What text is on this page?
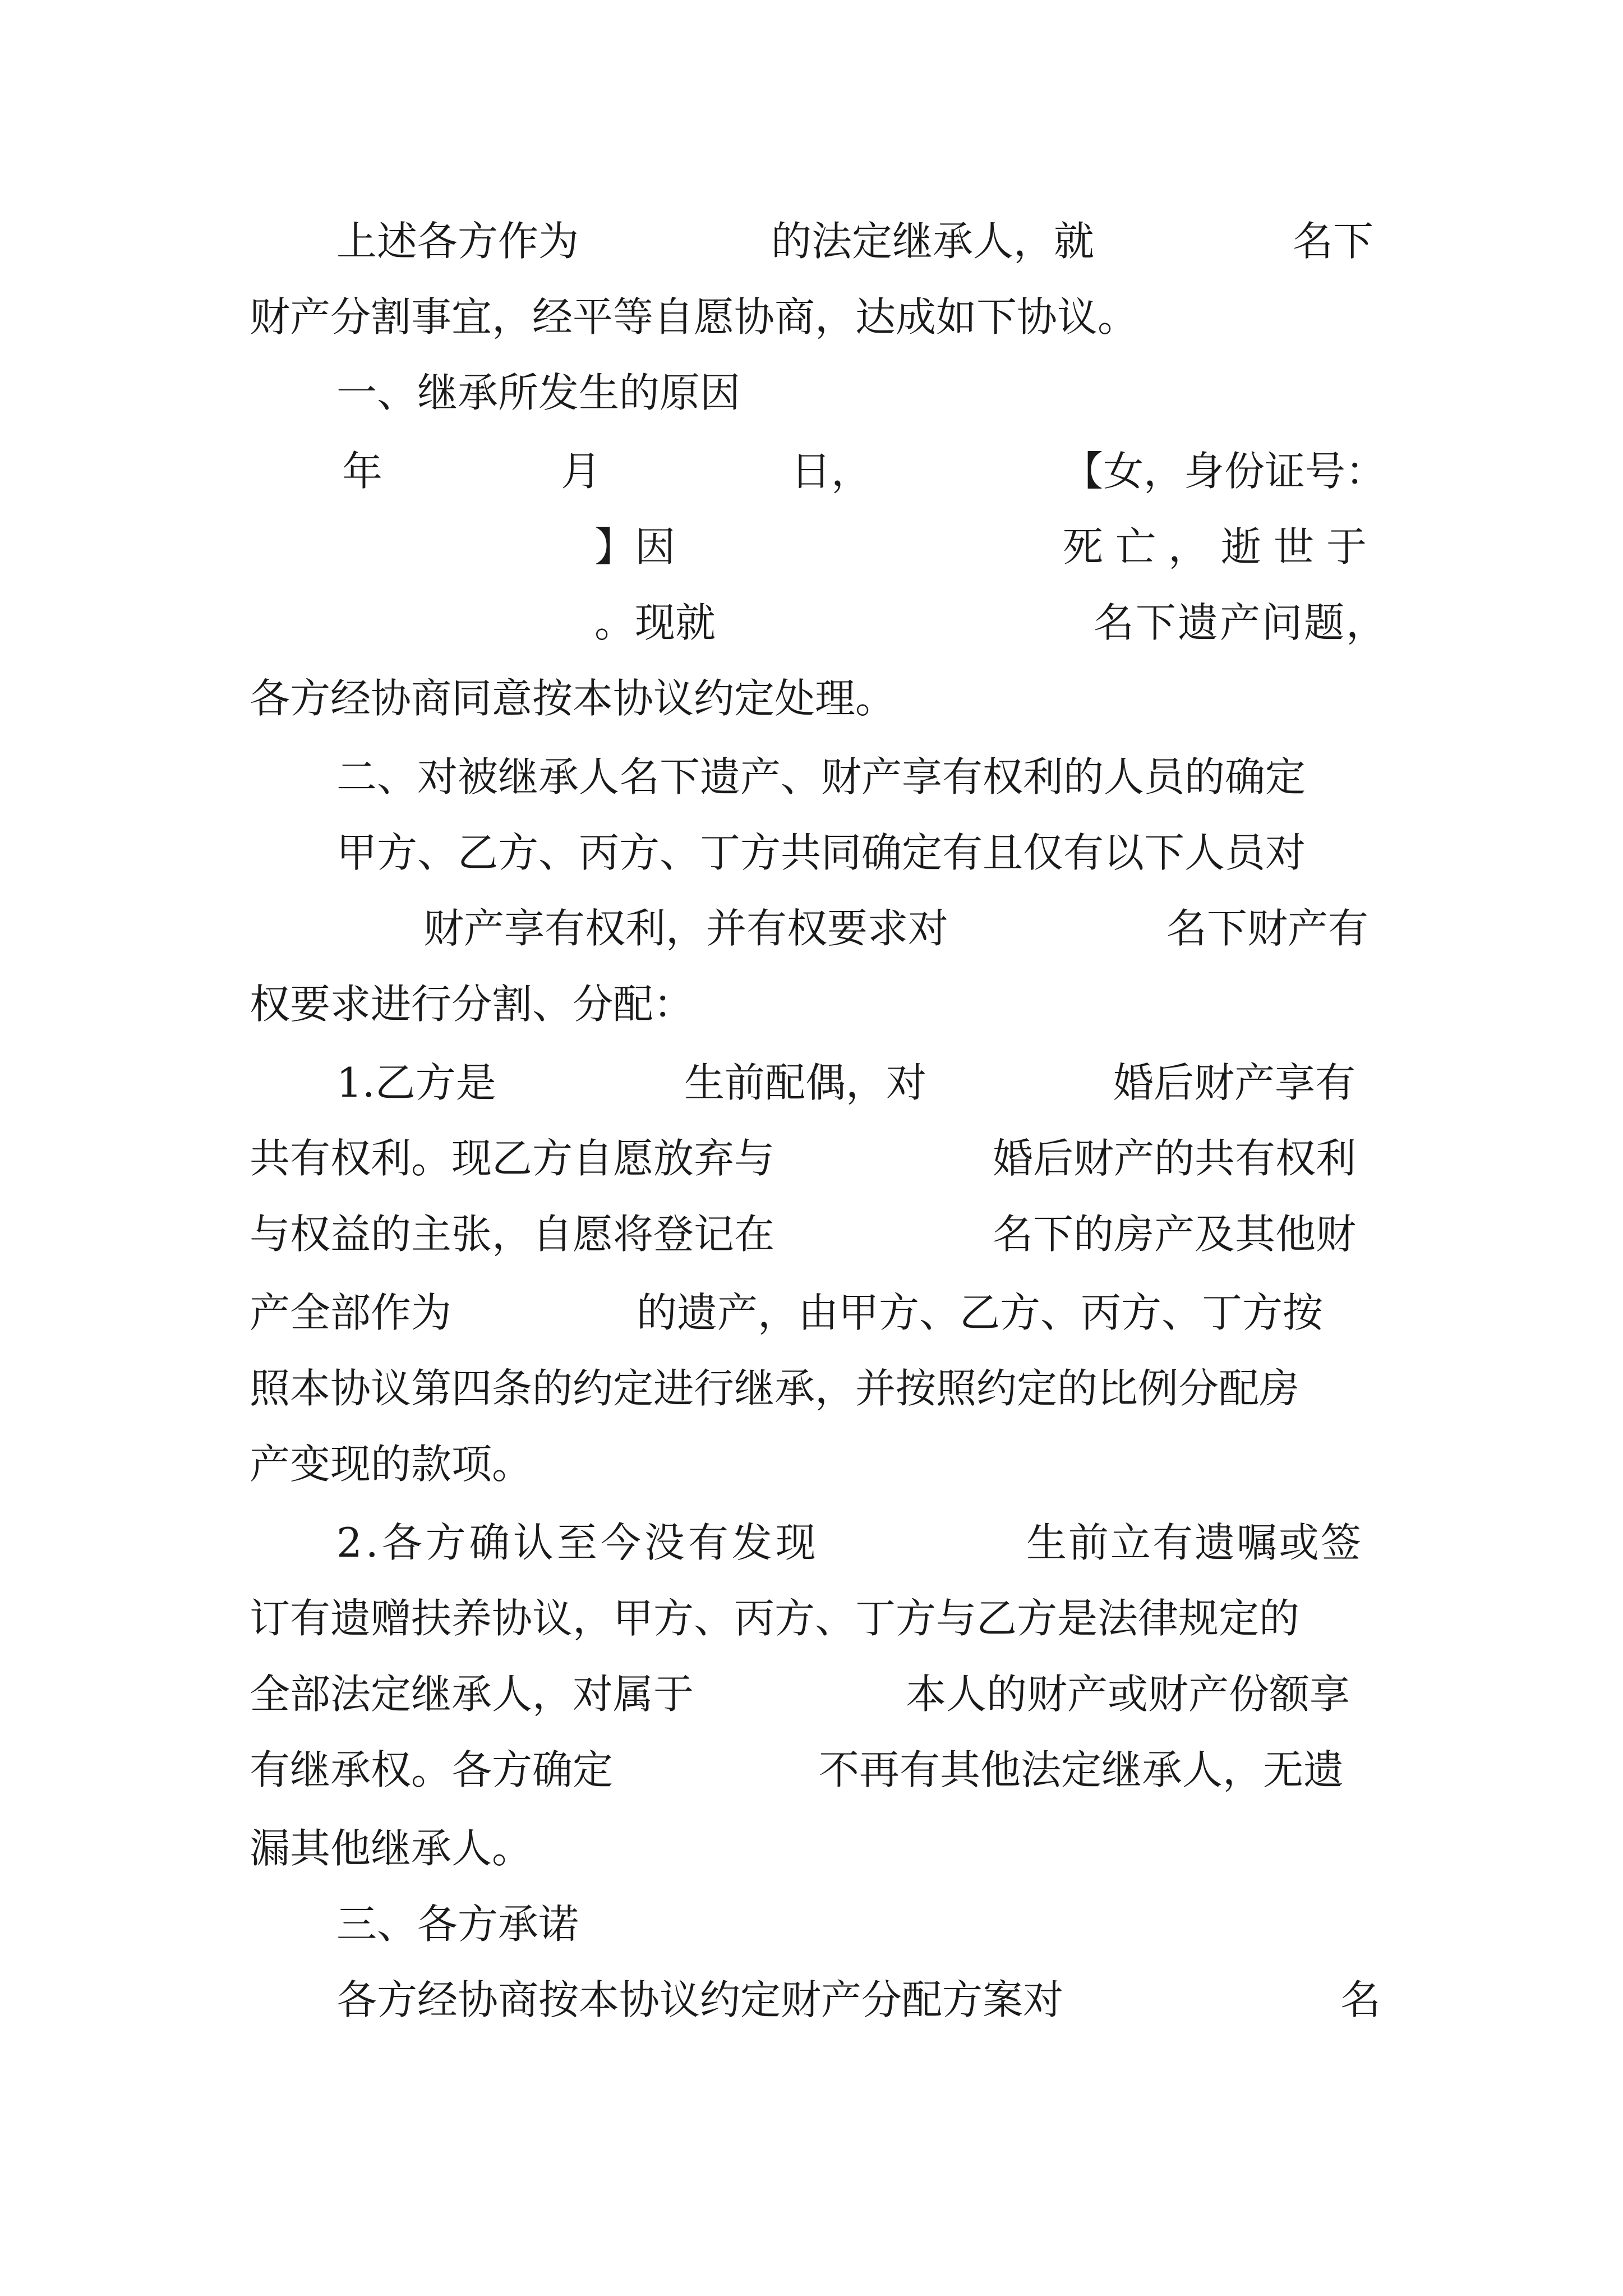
上述各方作为	的法定继承人，就	名下
财产分割事宜，经平等自愿协商，达成如下协议。
一、继承所发生的原因
年	月	日，	【女，身份证号：
】因	死亡，逝世于
。现就	名下遗产问题，
各方经协商同意按本协议约定处理。
二、对被继承人名下遗产、财产享有权利的人员的确定
甲方、乙方、丙方、丁方共同确定有且仅有以下人员对
财产享有权利，并有权要求对	名下财产有
权要求进行分割、分配：
1.乙方是	生前配偶，对	婚后财产享有
共有权利。现乙方自愿放弃与	婚后财产的共有权利
与权益的主张，自愿将登记在	名下的房产及其他财
产全部作为	的遗产，由甲方、乙方、丙方、丁方按
照本协议第四条的约定进行继承，并按照约定的比例分配房
产变现的款项。
2.各方确认至今没有发现	生前立有遗嘱或签
订有遗赠扶养协议，甲方、丙方、丁方与乙方是法律规定的
全部法定继承人，对属于	本人的财产或财产份额享
有继承权。各方确定	不再有其他法定继承人，无遗
漏其他继承人。
三、各方承诺
各方经协商按本协议约定财产分配方案对	名
